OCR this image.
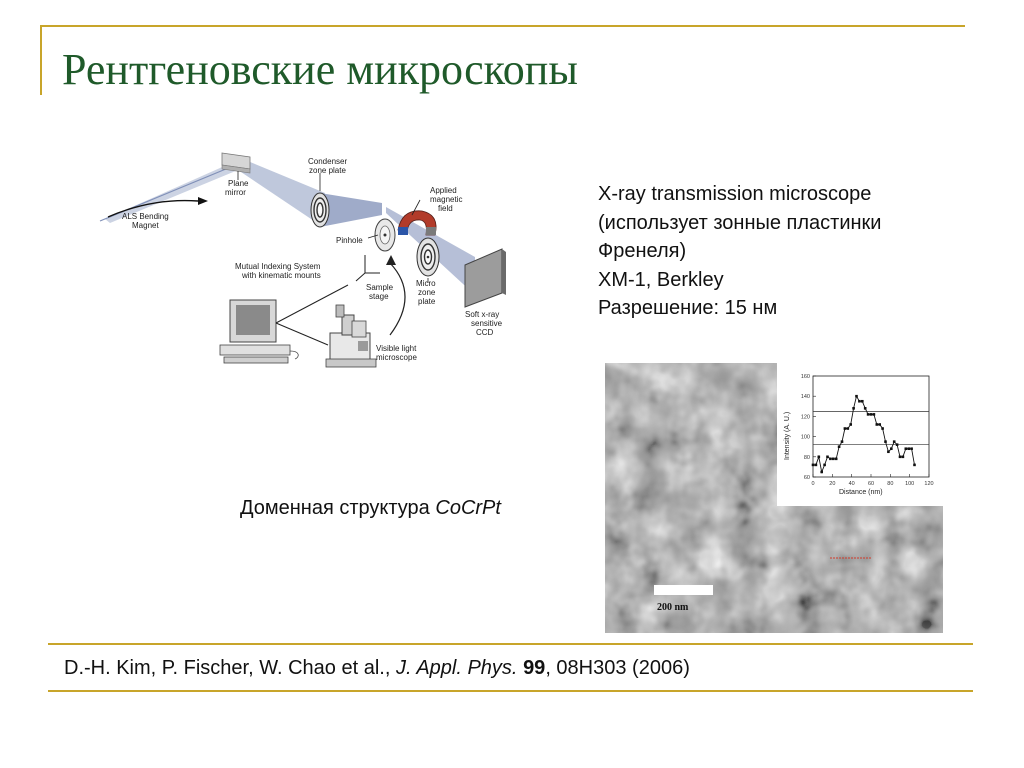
Рентгеновские микроскопы
X-ray transmission microscope
(использует зонные пластинки
Френеля)
XM-1, Berkley
Разрешение: 15 нм
ALS Bending
Magnet
Plane
mirror
Condenser
zone plate
Applied
magnetic
field
Pinhole
Mutual Indexing System
with kinematic mounts
Sample
stage
Micro
zone
plate
Soft x-ray
sensitive
CCD
Visible light
microscope
Доменная структура CoCrPt
200 nm
60
80
100
120
140
160
0	20 40 60 80 100 120
Distance (nm)
Intensity (A. U.)
D.-H. Kim, P. Fischer, W. Chao et al., J. Appl. Phys. 99, 08H303 (2006)
